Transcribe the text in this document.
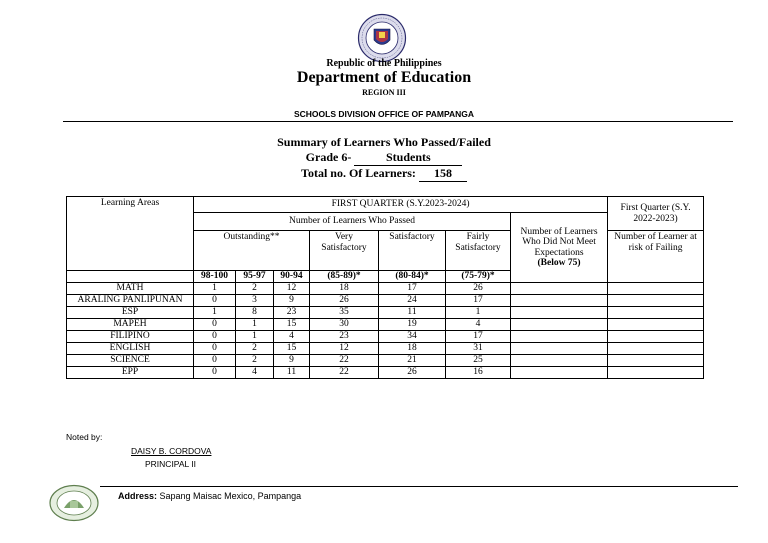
Republic of the Philippines
Department of Education
REGION III
SCHOOLS DIVISION OFFICE OF PAMPANGA
Summary of Learners Who Passed/Failed
Grade 6-	Students
Total no. Of Learners: 158
Learning Areas	FIRST QUARTER (S.Y.2023-2024)							First Quarter (S.Y. 2022-2023)
	Number of Learners Who Passed						Number of Learners Who Did Not Meet Expectations
(Below 75)	
	Outstanding**			Very Satisfactory	Satisfactory	Fairly Satisfactory		Number of Learner at risk of Failing
	98-100	95-97	90-94	(85-89)*	(80-84)*	(75-79)*		
MATH	1	2	12	18	17	26		
ARALING PANLIPUNAN	0	3	9	26	24	17		
ESP	1	8	23	35	11	1		
MAPEH	0	1	15	30	19	4		
FILIPINO	0	1	4	23	34	17		
ENGLISH	0	2	15	12	18	31		
SCIENCE	0	2	9	22	21	25		
EPP	0	4	11	22	26	16		
Noted by:
DAISY B. CORDOVA
PRINCIPAL II
Address: Sapang Maisac Mexico, Pampanga
